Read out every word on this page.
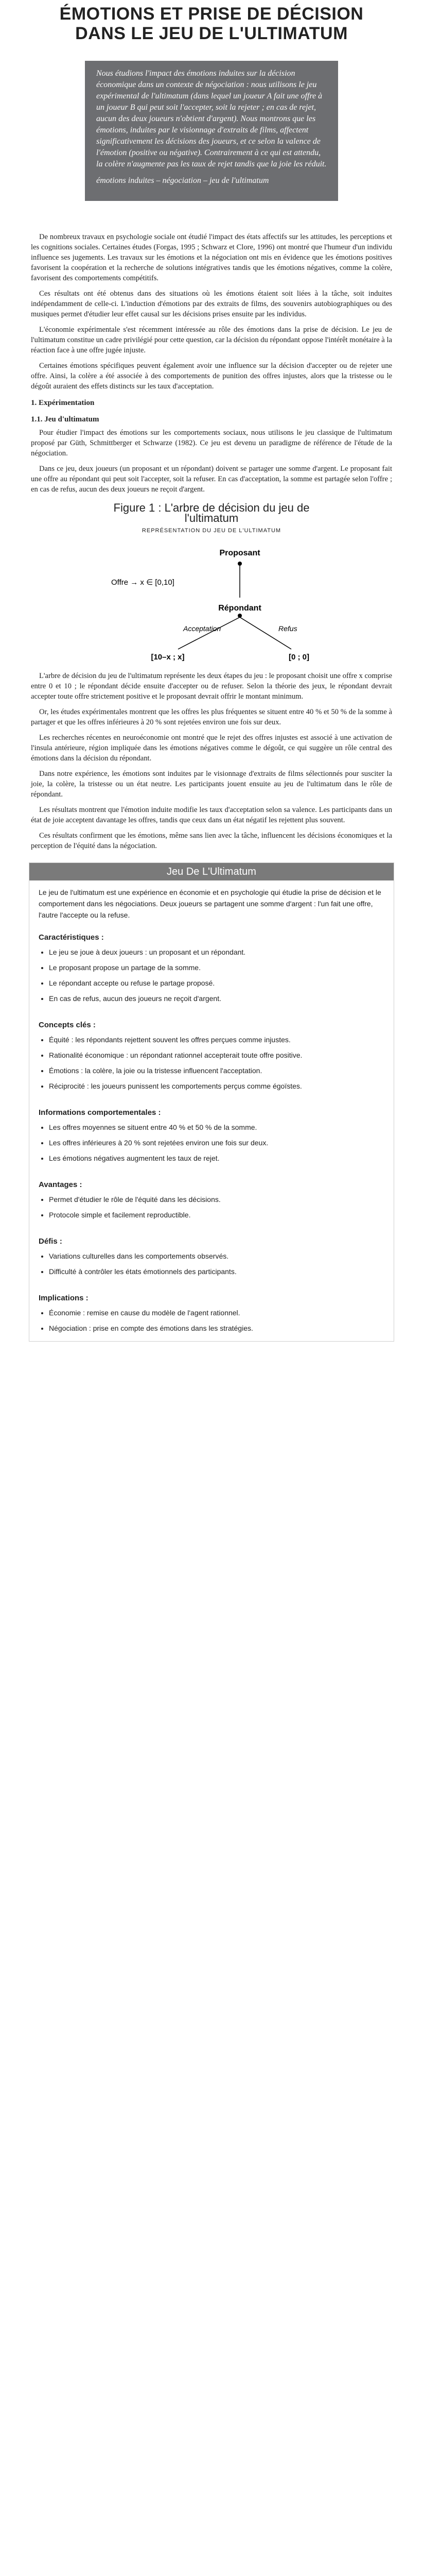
ÉMOTIONS ET PRISE DE DÉCISION
DANS LE JEU DE L'ULTIMATUM

Nous étudions l'impact des émotions induites sur la décision économique dans un contexte de négociation : nous utilisons le jeu expérimental de l'ultimatum (dans lequel un joueur A fait une offre à un joueur B qui peut soit l'accepter, soit la rejeter ; en cas de rejet, aucun des deux joueurs n'obtient d'argent). Nous montrons que les émotions, induites par le visionnage d'extraits de films, affectent significativement les décisions des joueurs, et ce selon la valence de l'émotion (positive ou négative). Contrairement à ce qui est attendu, la colère n'augmente pas les taux de rejet tandis que la joie les réduit.

émotions induites – négociation – jeu de l'ultimatum

De nombreux travaux en psychologie sociale ont étudié l'impact des états affectifs sur les attitudes, les perceptions et les cognitions sociales. Certaines études (Forgas, 1995 ; Schwarz et Clore, 1996) ont montré que l'humeur d'un individu influence ses jugements. Les travaux sur les émotions et la négociation ont mis en évidence que les émotions positives favorisent la coopération et la recherche de solutions intégratives tandis que les émotions négatives, comme la colère, favorisent des comportements compétitifs.

Ces résultats ont été obtenus dans des situations où les émotions étaient soit liées à la tâche, soit induites indépendamment de celle-ci. L'induction d'émotions par des extraits de films, des souvenirs autobiographiques ou des musiques permet d'étudier leur effet causal sur les décisions prises ensuite par les individus.

L'économie expérimentale s'est récemment intéressée au rôle des émotions dans la prise de décision. Le jeu de l'ultimatum constitue un cadre privilégié pour cette question, car la décision du répondant oppose l'intérêt monétaire à la réaction face à une offre jugée injuste.

Certaines émotions spécifiques peuvent également avoir une influence sur la décision d'accepter ou de rejeter une offre. Ainsi, la colère a été associée à des comportements de punition des offres injustes, alors que la tristesse ou le dégoût auraient des effets distincts sur les taux d'acceptation.

1. Expérimentation
1.1. Jeu d'ultimatum

Pour étudier l'impact des émotions sur les comportements sociaux, nous utilisons le jeu classique de l'ultimatum proposé par Güth, Schmittberger et Schwarze (1982). Ce jeu est devenu un paradigme de référence de l'étude de la négociation.

Dans ce jeu, deux joueurs (un proposant et un répondant) doivent se partager une somme d'argent. Le proposant fait une offre au répondant qui peut soit l'accepter, soit la refuser. En cas d'acceptation, la somme est partagée selon l'offre ; en cas de refus, aucun des deux joueurs ne reçoit d'argent.

Figure 1 : L'arbre de décision du jeu de l'ultimatum
REPRÉSENTATION DU JEU DE L'ULTIMATUM
Proposant
Offre → x ∈ [0,10]
Répondant
Acceptation	Refus
[10–x ; x]	[0 ; 0]

L'arbre de décision du jeu de l'ultimatum représente les deux étapes du jeu : le proposant choisit une offre x comprise entre 0 et 10 ; le répondant décide ensuite d'accepter ou de refuser. Selon la théorie des jeux, le répondant devrait accepter toute offre strictement positive et le proposant devrait offrir le montant minimum.

Or, les études expérimentales montrent que les offres les plus fréquentes se situent entre 40 % et 50 % de la somme à partager et que les offres inférieures à 20 % sont rejetées environ une fois sur deux.

Les recherches récentes en neuroéconomie ont montré que le rejet des offres injustes est associé à une activation de l'insula antérieure, région impliquée dans les émotions négatives comme le dégoût, ce qui suggère un rôle central des émotions dans la décision du répondant.

Dans notre expérience, les émotions sont induites par le visionnage d'extraits de films sélectionnés pour susciter la joie, la colère, la tristesse ou un état neutre. Les participants jouent ensuite au jeu de l'ultimatum dans le rôle de répondant.

Les résultats montrent que l'émotion induite modifie les taux d'acceptation selon sa valence. Les participants dans un état de joie acceptent davantage les offres, tandis que ceux dans un état négatif les rejettent plus souvent.

Ces résultats confirment que les émotions, même sans lien avec la tâche, influencent les décisions économiques et la perception de l'équité dans la négociation.

Jeu De L'Ultimatum
Le jeu de l'ultimatum est une expérience en économie et en psychologie qui étudie la prise de décision et le comportement dans les négociations. Deux joueurs se partagent une somme d'argent : l'un fait une offre, l'autre l'accepte ou la refuse.
Caractéristiques :
• Le jeu se joue à deux joueurs : un proposant et un répondant.
• Le proposant propose un partage de la somme.
• Le répondant accepte ou refuse le partage proposé.
• En cas de refus, aucun des joueurs ne reçoit d'argent.
Concepts clés :
• Équité : les répondants rejettent souvent les offres perçues comme injustes.
• Rationalité économique : un répondant rationnel accepterait toute offre positive.
• Émotions : la colère, la joie ou la tristesse influencent l'acceptation.
• Réciprocité : les joueurs punissent les comportements perçus comme égoïstes.
Informations comportementales :
• Les offres moyennes se situent entre 40 % et 50 % de la somme.
• Les offres inférieures à 20 % sont rejetées environ une fois sur deux.
• Les émotions négatives augmentent les taux de rejet.
Avantages :
• Permet d'étudier le rôle de l'équité dans les décisions.
• Protocole simple et facilement reproductible.
Défis :
• Variations culturelles dans les comportements observés.
• Difficulté à contrôler les états émotionnels des participants.
Implications :
• Économie : remise en cause du modèle de l'agent rationnel.
• Négociation : prise en compte des émotions dans les stratégies.
